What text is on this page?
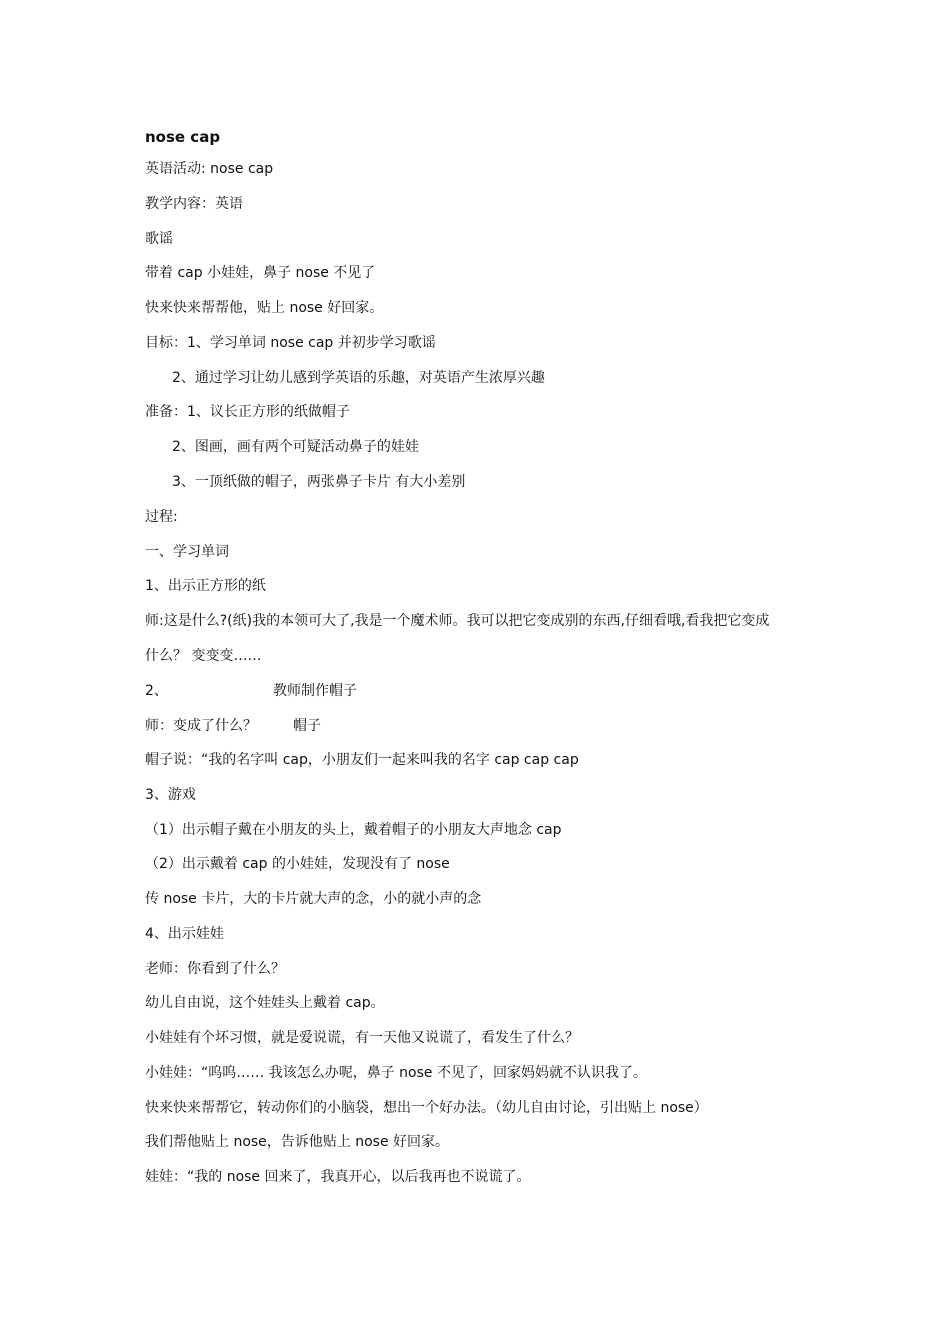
nose cap
英语活动: nose cap
教学内容：英语
歌谣
带着 cap 小娃娃，鼻子 nose 不见了
快来快来帮帮他，贴上 nose 好回家。
目标：1、学习单词 nose cap 并初步学习歌谣
2、通过学习让幼儿感到学英语的乐趣，对英语产生浓厚兴趣
准备：1、议长正方形的纸做帽子
2、图画，画有两个可疑活动鼻子的娃娃
3、一顶纸做的帽子，两张鼻子卡片 有大小差别
过程:
一、学习单词
1、出示正方形的纸
师:这是什么?(纸)我的本领可大了,我是一个魔术师。我可以把它变成别的东西,仔细看哦,看我把它变成
什么？ 变变变……
2、	教师制作帽子
师：变成了什么？	帽子
帽子说：“我的名字叫 cap，小朋友们一起来叫我的名字 cap cap cap
3、游戏
（1）出示帽子戴在小朋友的头上，戴着帽子的小朋友大声地念 cap
（2）出示戴着 cap 的小娃娃，发现没有了 nose
传 nose 卡片，大的卡片就大声的念，小的就小声的念
4、出示娃娃
老师：你看到了什么？
幼儿自由说，这个娃娃头上戴着 cap。
小娃娃有个坏习惯，就是爱说谎，有一天他又说谎了，看发生了什么？
小娃娃：“呜呜…… 我该怎么办呢，鼻子 nose 不见了，回家妈妈就不认识我了。
快来快来帮帮它，转动你们的小脑袋，想出一个好办法。（幼儿自由讨论，引出贴上 nose）
我们帮他贴上 nose，告诉他贴上 nose 好回家。
娃娃：“我的 nose 回来了，我真开心，以后我再也不说谎了。
